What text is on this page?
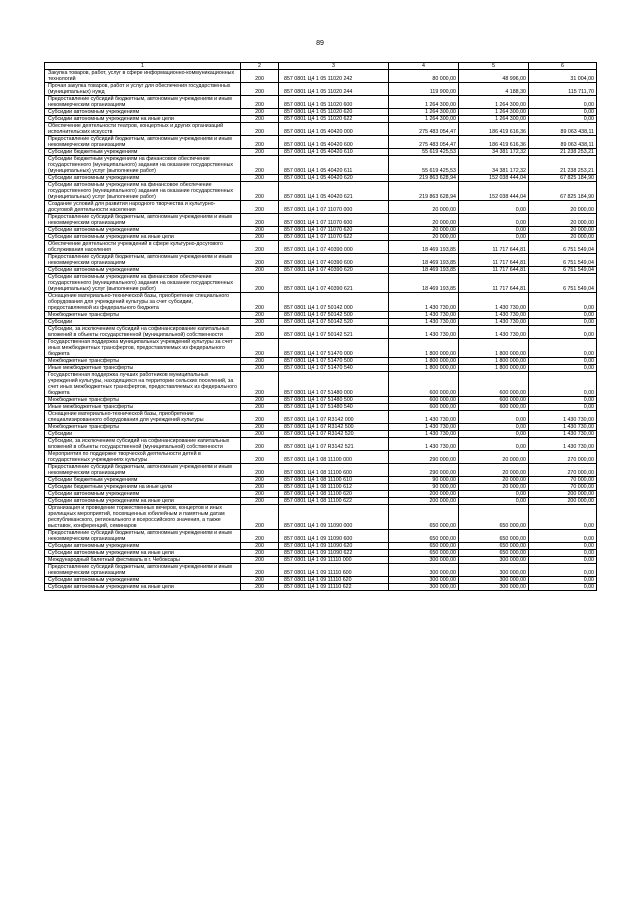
89
1	2	3	4	5	6
Закупка товаров, работ, услуг в сфере информационно-коммуникационных технологий	200	857 0801 Ц4 1 05 11020 242	80 000,00	48 996,00	31 004,00
Прочая закупка товаров, работ и услуг для обеспечения государственных (муниципальных) нужд	200	857 0801 Ц4 1 05 11020 244	119 900,00	4 188,30	115 711,70
Предоставление субсидий бюджетным, автономным учреждениям и иным некоммерческим организациям	200	857 0801 Ц4 1 05 11020 600	1 264 300,00	1 264 300,00	0,00
Субсидии автономным учреждениям	200	857 0801 Ц4 1 05 11020 620	1 264 300,00	1 264 300,00	0,00
Субсидии автономным учреждениям на иные цели	200	857 0801 Ц4 1 05 11020 622	1 264 300,00	1 264 300,00	0,00
Обеспечение деятельности театров, концертных и других организаций исполнительских искусств	200	857 0801 Ц4 1 05 40420 000	275 483 054,47	186 419 616,36	89 063 438,11
Предоставление субсидий бюджетным, автономным учреждениям и иным некоммерческим организациям	200	857 0801 Ц4 1 05 40420 600	275 483 054,47	186 419 616,36	89 063 438,11
Субсидии бюджетным учреждениям	200	857 0801 Ц4 1 05 40420 610	55 619 425,53	34 381 172,32	21 238 253,21
Субсидии бюджетным учреждениям на финансовое обеспечение государственного (муниципального) задания на оказание государственных (муниципальных) услуг (выполнение работ)	200	857 0801 Ц4 1 05 40420 611	55 619 425,53	34 381 172,32	21 238 253,21
Субсидии автономным учреждениям	200	857 0801 Ц4 1 05 40420 620	219 863 628,94	152 038 444,04	67 825 184,90
Субсидии автономным учреждениям на финансовое обеспечение государственного (муниципального) задания на оказание государственных (муниципальных) услуг (выполнение работ)	200	857 0801 Ц4 1 05 40420 621	219 863 628,94	152 038 444,04	67 825 184,90
Создание условий для развития народного творчества и культурно-досуговой деятельности населения	200	857 0801 Ц4 1 07 11070 000	20 000,00	0,00	20 000,00
Предоставление субсидий бюджетным, автономным учреждениям и иным некоммерческим организациям	200	857 0801 Ц4 1 07 11070 600	20 000,00	0,00	20 000,00
Субсидии автономным учреждениям	200	857 0801 Ц4 1 07 11070 620	20 000,00	0,00	20 000,00
Субсидии автономным учреждениям на иные цели	200	857 0801 Ц4 1 07 11070 622	20 000,00	0,00	20 000,00
Обеспечение деятельности учреждений в сфере культурно-досугового обслуживания населения	200	857 0801 Ц4 1 07 40390 000	18 469 193,85	11 717 644,81	6 751 549,04
Предоставление субсидий бюджетным, автономным учреждениям и иным некоммерческим организациям	200	857 0801 Ц4 1 07 40390 600	18 469 193,85	11 717 644,81	6 751 549,04
Субсидии автономным учреждениям	200	857 0801 Ц4 1 07 40390 620	18 469 193,85	11 717 644,81	6 751 549,04
Субсидии автономным учреждениям на финансовое обеспечение государственного (муниципального) задания на оказание государственных (муниципальных) услуг (выполнение работ)	200	857 0801 Ц4 1 07 40390 621	18 469 193,85	11 717 644,81	6 751 549,04
Оснащение материально-технической базы, приобретение специального оборудования для учреждений культуры за счет субсидии, предоставляемой из федерального бюджета	200	857 0801 Ц4 1 07 50142 000	1 430 730,00	1 430 730,00	0,00
Межбюджетные трансферты	200	857 0801 Ц4 1 07 50142 500	1 430 730,00	1 430 730,00	0,00
Субсидии	200	857 0801 Ц4 1 07 50142 520	1 430 730,00	1 430 730,00	0,00
Субсидии, за исключением субсидий на софинансирование капитальных вложений в объекты государственной (муниципальной) собственности	200	857 0801 Ц4 1 07 50142 521	1 430 730,00	1 430 730,00	0,00
Государственная поддержка муниципальных учреждений культуры за счет иных межбюджетных трансфертов, предоставляемых из федерального бюджета	200	857 0801 Ц4 1 07 51470 000	1 800 000,00	1 800 000,00	0,00
Межбюджетные трансферты	200	857 0801 Ц4 1 07 51470 500	1 800 000,00	1 800 000,00	0,00
Иные межбюджетные трансферты	200	857 0801 Ц4 1 07 51470 540	1 800 000,00	1 800 000,00	0,00
Государственная поддержка лучших работников муниципальных учреждений культуры, находящихся на территории сельских поселений, за счет иных межбюджетных трансфертов, предоставляемых из федерального бюджета	200	857 0801 Ц4 1 07 51480 000	600 000,00	600 000,00	0,00
Межбюджетные трансферты	200	857 0801 Ц4 1 07 51480 500	600 000,00	600 000,00	0,00
Иные межбюджетные трансферты	200	857 0801 Ц4 1 07 51480 540	600 000,00	600 000,00	0,00
Оснащение материально-технической базы, приобретение специализированного оборудования для учреждений культуры	200	857 0801 Ц4 1 07 R3142 000	1 430 730,00	0,00	1 430 730,00
Межбюджетные трансферты	200	857 0801 Ц4 1 07 R3142 500	1 430 730,00	0,00	1 430 730,00
Субсидии	200	857 0801 Ц4 1 07 R3142 520	1 430 730,00	0,00	1 430 730,00
Субсидии, за исключением субсидий на софинансирование капитальных вложений в объекты государственной (муниципальной) собственности	200	857 0801 Ц4 1 07 R3142 521	1 430 730,00	0,00	1 430 730,00
Мероприятия по поддержке творческой деятельности детей в государственных учреждениях культуры	200	857 0801 Ц4 1 08 11100 000	290 000,00	20 000,00	270 000,00
Предоставление субсидий бюджетным, автономным учреждениям и иным некоммерческим организациям	200	857 0801 Ц4 1 08 11100 600	290 000,00	20 000,00	270 000,00
Субсидии бюджетным учреждениям	200	857 0801 Ц4 1 08 11100 610	90 000,00	20 000,00	70 000,00
Субсидии бюджетным учреждениям на иные цели	200	857 0801 Ц4 1 08 11100 612	90 000,00	20 000,00	70 000,00
Субсидии автономным учреждениям	200	857 0801 Ц4 1 08 11100 620	200 000,00	0,00	200 000,00
Субсидии автономным учреждениям на иные цели	200	857 0801 Ц4 1 08 11100 622	200 000,00	0,00	200 000,00
Организация и проведение торжественных вечеров, концертов и иных зрелищных мероприятий, посвященных юбилейным и памятным датам республиканского, регионального и всероссийского значения, а также выставок, конференций, семинаров	200	857 0801 Ц4 1 09 11090 000	650 000,00	650 000,00	0,00
Предоставление субсидий бюджетным, автономным учреждениям и иным некоммерческим организациям	200	857 0801 Ц4 1 09 11090 600	650 000,00	650 000,00	0,00
Субсидии автономным учреждениям	200	857 0801 Ц4 1 09 11090 620	650 000,00	650 000,00	0,00
Субсидии автономным учреждениям на иные цели	200	857 0801 Ц4 1 09 11090 622	650 000,00	650 000,00	0,00
Международный балетный фестиваль в г. Чебоксары	200	857 0801 Ц4 1 09 11110 000	300 000,00	300 000,00	0,00
Предоставление субсидий бюджетным, автономным учреждениям и иным некоммерческим организациям	200	857 0801 Ц4 1 09 11110 600	300 000,00	300 000,00	0,00
Субсидии автономным учреждениям	200	857 0801 Ц4 1 09 11110 620	300 000,00	300 000,00	0,00
Субсидии автономным учреждениям на иные цели	200	857 0801 Ц4 1 09 11110 622	300 000,00	300 000,00	0,00
